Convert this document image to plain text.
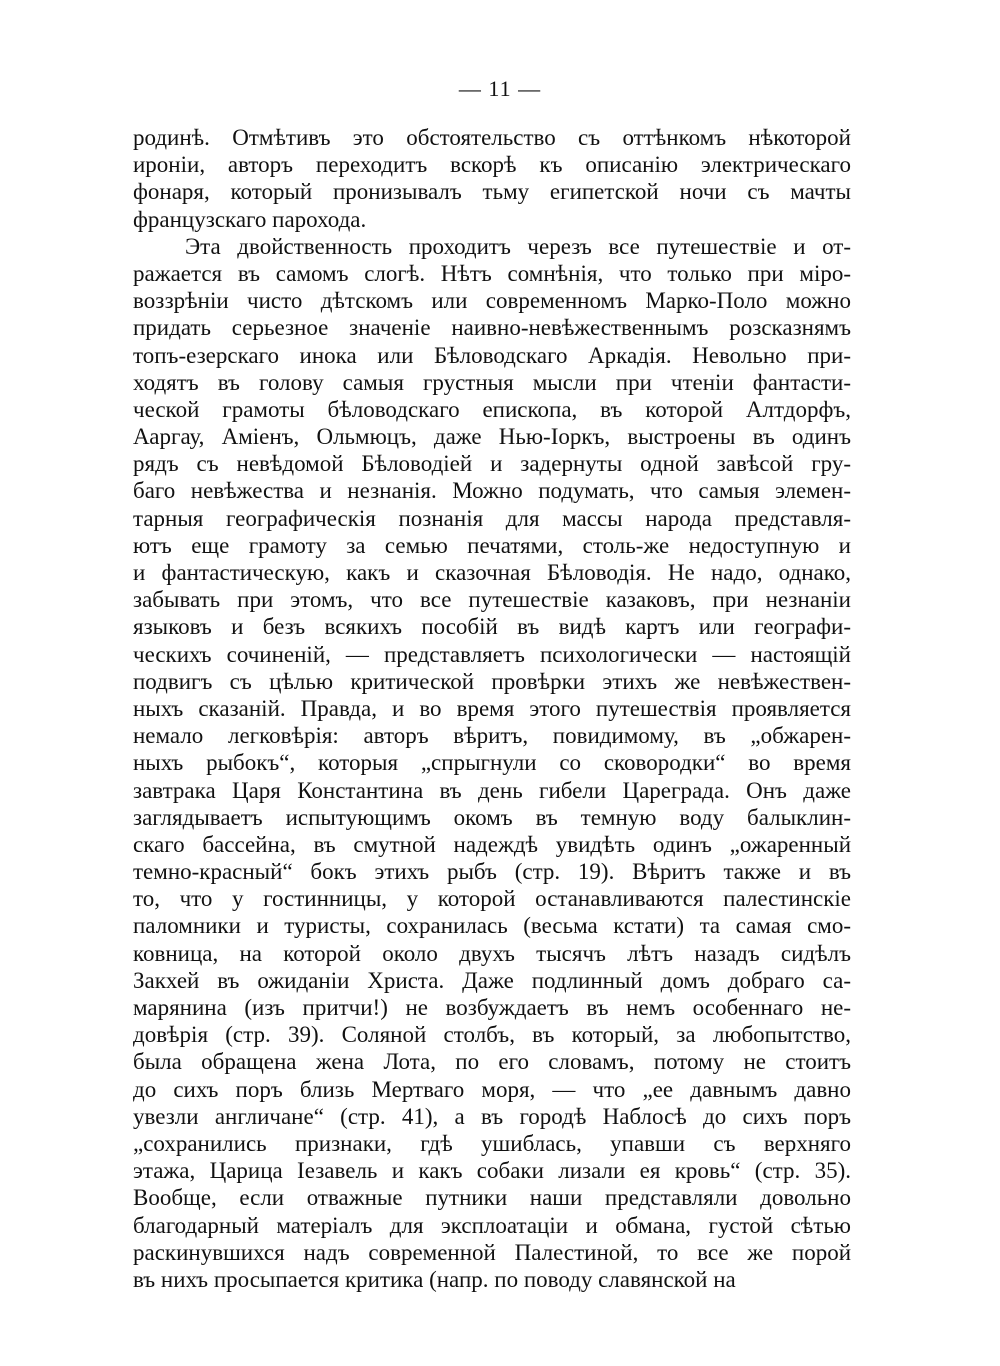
— 11 —
родинѣ. Отмѣтивъ это обстоятельство съ оттѣнкомъ нѣкоторой
ироніи, авторъ переходитъ вскорѣ къ описанію электрическаго
фонаря, который пронизывалъ тьму египетской ночи съ мачты
французскаго парохода.
Эта двойственность проходитъ черезъ все путешествіе и от-
ражается въ самомъ слогѣ. Нѣтъ сомнѣнія, что только при міро-
воззрѣніи чисто дѣтскомъ или современномъ Марко-Поло можно
придать серьезное значеніе наивно-невѣжественнымъ розсказнямъ
топъ-езерскаго инока или Бѣловодскаго Аркадія. Невольно при-
ходятъ въ голову самыя грустныя мысли при чтеніи фантасти-
ческой грамоты бѣловодскаго епископа, въ которой Алтдорфъ,
Ааргау, Аміенъ, Ольмюцъ, даже Нью-Іоркъ, выстроены въ одинъ
рядъ съ невѣдомой Бѣловодіей и задернуты одной завѣсой гру-
баго невѣжества и незнанія. Можно подумать, что самыя элемен-
тарныя географическія познанія для массы народа представля-
ютъ еще грамоту за семью печатями, столь-же недоступную и
и фантастическую, какъ и сказочная Бѣловодія. Не надо, однако,
забывать при этомъ, что все путешествіе казаковъ, при незнаніи
языковъ и безъ всякихъ пособій въ видѣ картъ или географи-
ческихъ сочиненій, — представляетъ психологически — настоящій
подвигъ съ цѣлью критической провѣрки этихъ же невѣжествен-
ныхъ сказаній. Правда, и во время этого путешествія проявляется
немало легковѣрія: авторъ вѣритъ, повидимому, въ „обжарен-
ныхъ рыбокъ“, которыя „спрыгнули со сковородки“ во время
завтрака Царя Константина въ день гибели Цареграда. Онъ даже
заглядываетъ испытующимъ окомъ въ темную воду балыклин-
скаго бассейна, въ смутной надеждѣ увидѣть одинъ „ожаренный
темно-красный“ бокъ этихъ рыбъ (стр. 19). Вѣритъ также и въ
то, что у гостинницы, у которой останавливаются палестинскіе
паломники и туристы, сохранилась (весьма кстати) та самая смо-
ковница, на которой около двухъ тысячъ лѣтъ назадъ сидѣлъ
Закхей въ ожиданіи Христа. Даже подлинный домъ добраго са-
марянина (изъ притчи!) не возбуждаетъ въ немъ особеннаго не-
довѣрія (стр. 39). Соляной столбъ, въ который, за любопытство,
была обращена жена Лота, по его словамъ, потому не стоитъ
до сихъ поръ близь Мертваго моря, — что „ее давнымъ давно
увезли англичане“ (стр. 41), а въ городѣ Наблосѣ до сихъ поръ
„сохранились признаки, гдѣ ушиблась, упавши съ верхняго
этажа, Царица Іезавель и какъ собаки лизали ея кровь“ (стр. 35).
Вообще, если отважные путники наши представляли довольно
благодарный матеріалъ для эксплоатаціи и обмана, густой сѣтью
раскинувшихся надъ современной Палестиной, то все же порой
въ нихъ просыпается критика (напр. по поводу славянской на
